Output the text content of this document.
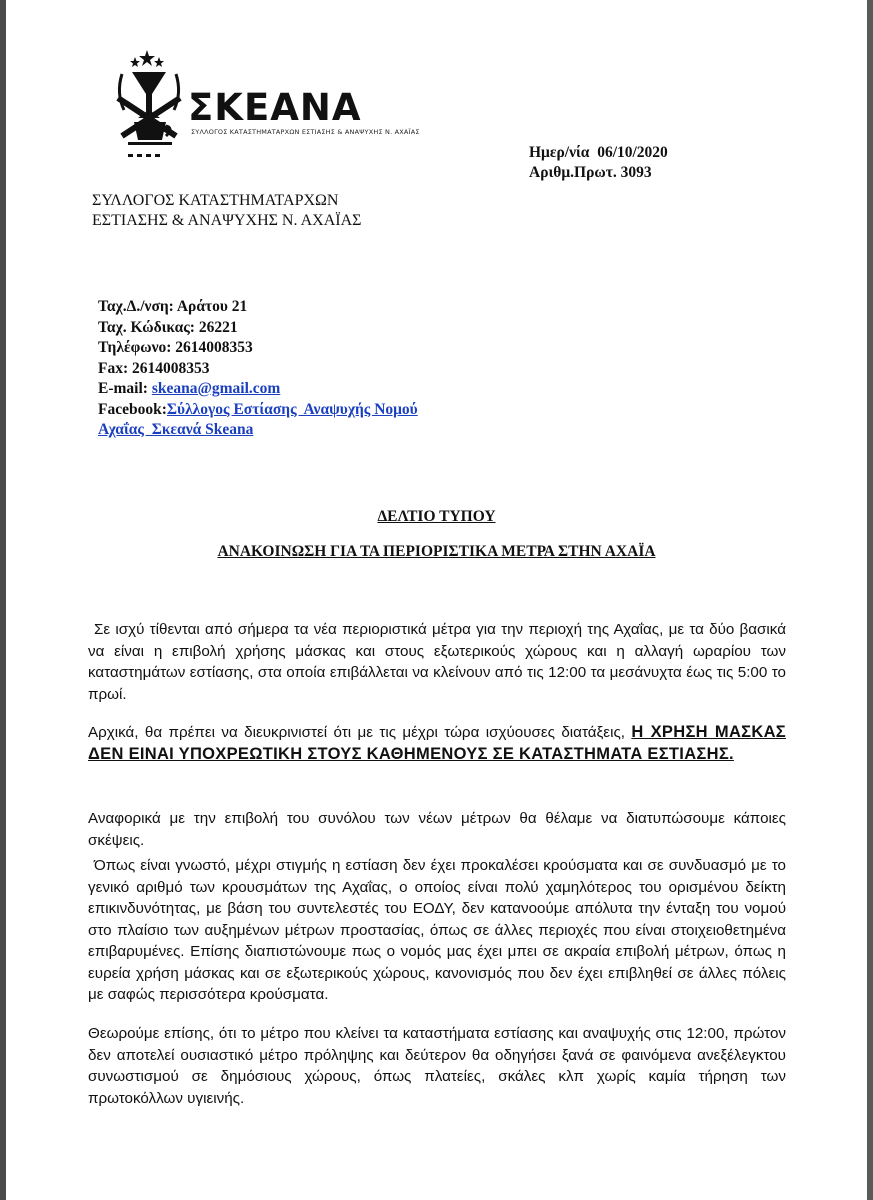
ΣΚΕΑΝΑ
ΣΥΛΛΟΓΟΣ ΚΑΤΑΣΤΗΜΑΤΑΡΧΩΝ ΕΣΤΙΑΣΗΣ & ΑΝΑΨΥΧΗΣ Ν. ΑΧΑΪΑΣ
Ημερ/νία  06/10/2020
Αριθμ.Πρωτ. 3093
ΣΥΛΛΟΓΟΣ ΚΑΤΑΣΤΗΜΑΤΑΡΧΩΝ
ΕΣΤΙΑΣΗΣ & ΑΝΑΨΥΧΗΣ Ν. ΑΧΑΪΑΣ
Ταχ.Δ./νση: Αράτου 21
Ταχ. Κώδικας: 26221
Τηλέφωνο: 2614008353
Fax: 2614008353
E-mail: skeana@gmail.com
Facebook:Σύλλογος Εστίασης  Αναψυχής Νομού
Αχαΐας  Σκεανά Skeana
ΔΕΛΤΙΟ ΤΥΠΟΥ
ΑΝΑΚΟΙΝΩΣΗ ΓΙΑ ΤΑ ΠΕΡΙΟΡΙΣΤΙΚΑ ΜΕΤΡΑ ΣΤΗΝ ΑΧΑΪΑ
Σε ισχύ τίθενται από σήμερα τα νέα περιοριστικά μέτρα για την περιοχή της Αχαΐας, με τα δύο βασικά να είναι η επιβολή χρήσης μάσκας και στους εξωτερικούς χώρους και η αλλαγή ωραρίου των καταστημάτων εστίασης, στα οποία επιβάλλεται να κλείνουν από τις 12:00 τα μεσάνυχτα έως τις 5:00 το πρωί.
Αρχικά, θα πρέπει να διευκρινιστεί ότι με τις μέχρι τώρα ισχύουσες διατάξεις, Η ΧΡΗΣΗ ΜΑΣΚΑΣ ΔΕΝ ΕΙΝΑΙ ΥΠΟΧΡΕΩΤΙΚΗ ΣΤΟΥΣ ΚΑΘΗΜΕΝΟΥΣ ΣΕ ΚΑΤΑΣΤΗΜΑΤΑ ΕΣΤΙΑΣΗΣ.
Αναφορικά με την επιβολή του συνόλου των νέων μέτρων θα θέλαμε να διατυπώσουμε κάποιες σκέψεις.
Όπως είναι γνωστό, μέχρι στιγμής η εστίαση δεν έχει προκαλέσει κρούσματα και σε συνδυασμό με το γενικό αριθμό των κρουσμάτων της Αχαΐας, ο οποίος είναι πολύ χαμηλότερος του ορισμένου δείκτη επικινδυνότητας, με βάση του συντελεστές του ΕΟΔΥ, δεν κατανοούμε απόλυτα την ένταξη του νομού στο πλαίσιο των αυξημένων μέτρων προστασίας, όπως σε άλλες περιοχές που είναι στοιχειοθετημένα επιβαρυμένες. Επίσης διαπιστώνουμε πως ο νομός μας έχει μπει σε ακραία επιβολή μέτρων, όπως η ευρεία χρήση μάσκας και σε εξωτερικούς χώρους, κανονισμός που δεν έχει επιβληθεί σε άλλες πόλεις με σαφώς περισσότερα κρούσματα.
Θεωρούμε επίσης, ότι το μέτρο που κλείνει τα καταστήματα εστίασης και αναψυχής στις 12:00, πρώτον δεν αποτελεί ουσιαστικό μέτρο πρόληψης και δεύτερον θα οδηγήσει ξανά σε φαινόμενα ανεξέλεγκτου συνωστισμού σε δημόσιους χώρους, όπως πλατείες, σκάλες κλπ χωρίς καμία τήρηση των πρωτοκόλλων υγιεινής.
